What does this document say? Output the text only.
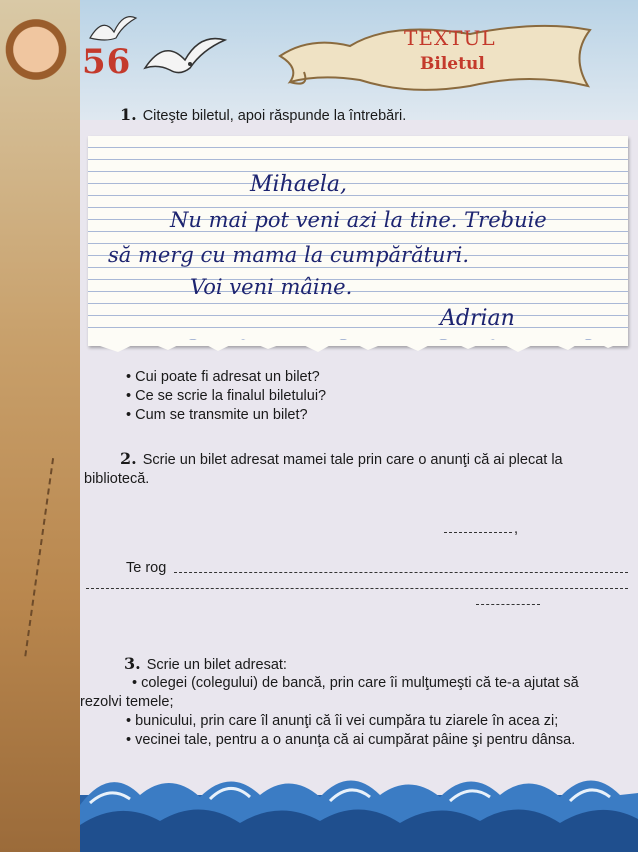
56
TEXTUL
Biletul
1. Citeşte biletul, apoi răspunde la întrebări.
Mihaela,
Nu mai pot veni azi la tine. Trebuie
să merg cu mama la cumpărături.
Voi veni mâine.
Adrian
• Cui poate fi adresat un bilet?
• Ce se scrie la finalul biletului?
• Cum se transmite un bilet?
2. Scrie un bilet adresat mamei tale prin care o anunţi că ai plecat la
bibliotecă.
,
Te rog
3. Scrie un bilet adresat:
• colegei (colegului) de bancă, prin care îi mulţumeşti că te-a ajutat să
rezolvi temele;
• bunicului, prin care îl anunţi că îi vei cumpăra tu ziarele în acea zi;
• vecinei tale, pentru a o anunţa că ai cumpărat pâine şi pentru dânsa.
